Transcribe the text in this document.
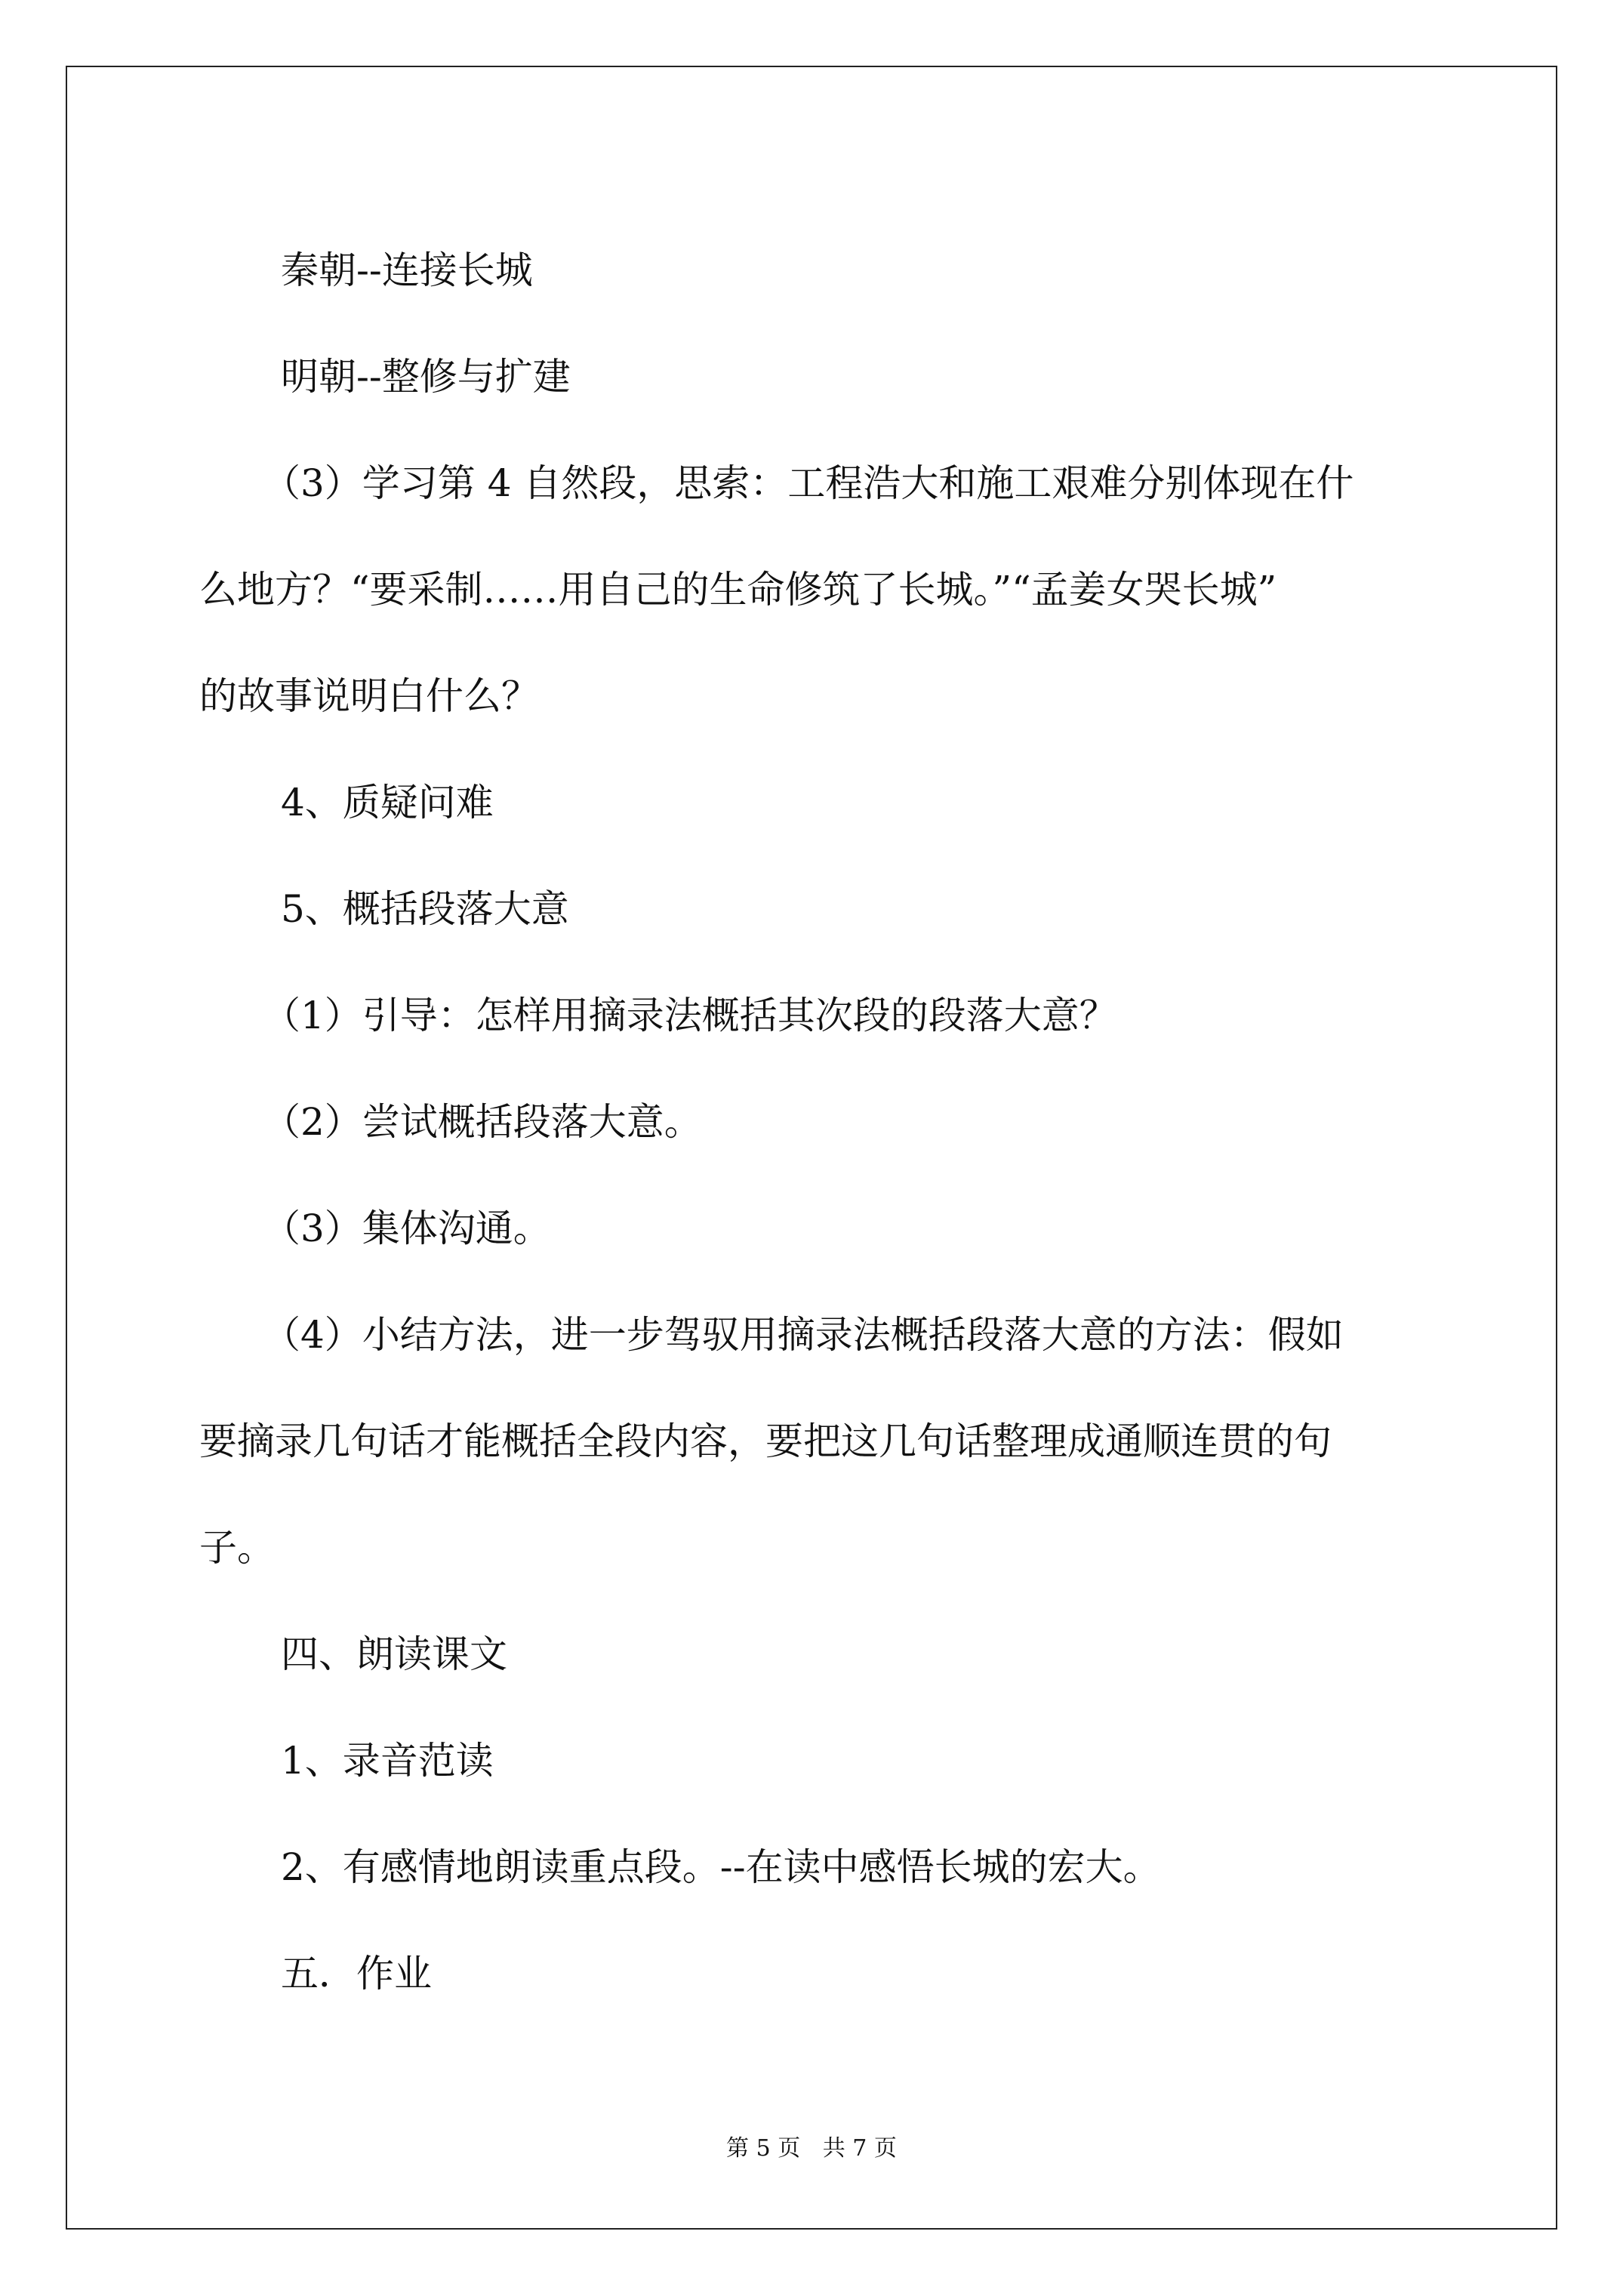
秦朝--连接长城

明朝--整修与扩建

（3）学习第 4 自然段，思索：工程浩大和施工艰难分别体现在什

么地方？“要采制……用自己的生命修筑了长城。”“孟姜女哭长城”

的故事说明白什么？

4、质疑问难

5、概括段落大意

（1）引导：怎样用摘录法概括其次段的段落大意？

（2）尝试概括段落大意。

（3）集体沟通。

（4）小结方法，进一步驾驭用摘录法概括段落大意的方法：假如

要摘录几句话才能概括全段内容，要把这几句话整理成通顺连贯的句

子。

四、朗读课文

1、录音范读

2、有感情地朗读重点段。--在读中感悟长城的宏大。

五．作业

第 5 页 共 7 页
